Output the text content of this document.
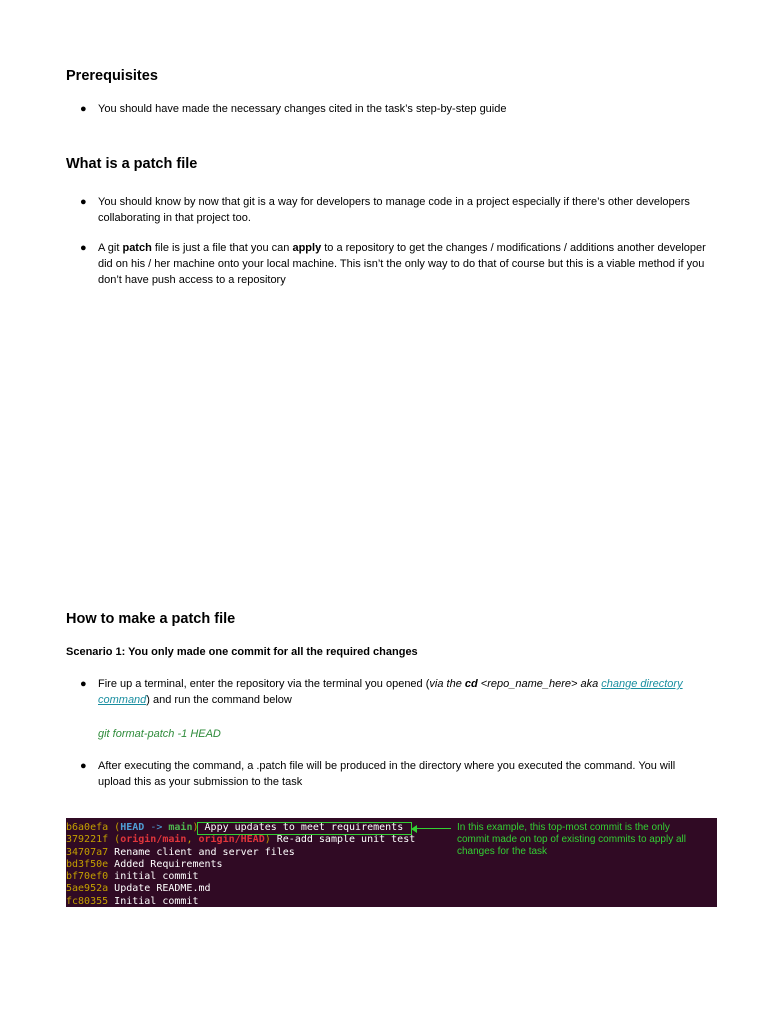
Prerequisites
● You should have made the necessary changes cited in the task’s step-by-step guide
What is a patch file
● You should know by now that git is a way for developers to manage code in a project especially if there’s other developers collaborating in that project too.
● A git patch file is just a file that you can apply to a repository to get the changes / modifications / additions another developer did on his / her machine onto your local machine. This isn’t the only way to do that of course but this is a viable method if you don’t have push access to a repository
How to make a patch file
Scenario 1: You only made one commit for all the required changes
● Fire up a terminal, enter the repository via the terminal you opened (via the cd <repo_name_here> aka change directory command) and run the command below
git format-patch -1 HEAD
● After executing the command, a .patch file will be produced in the directory where you executed the command. You will upload this as your submission to the task
b6a0efa (HEAD -> main) Appy updates to meet requirements
379221f (origin/main, origin/HEAD) Re-add sample unit test
34707a7 Rename client and server files
bd3f50e Added Requirements
bf70ef0 initial commit
5ae952a Update README.md
fc80355 Initial commit
In this example, this top-most commit is the only commit made on top of existing commits to apply all changes for the task
